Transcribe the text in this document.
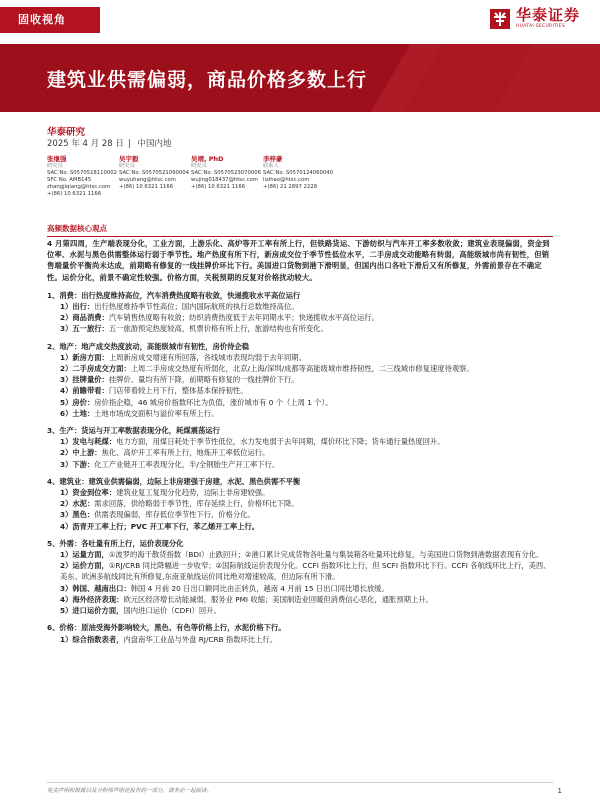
固收视角	华泰证券
HUATAI SECURITIES
建筑业供需偏弱，商品价格多数上行
华泰研究
2025 年 4 月 28 日 | 中国内地
张继强
研究员
SAC No. S0570518110002
SFC No. AMB145
zhangjiqiang@htsc.com
+(86) 10 6321 1166
吴宇毅
研究员
SAC No. S0570521090004
wuyuhang@htsc.com
+(86) 10 6321 1166
吴靖, PhD
研究员
SAC No. S0570523070006
wujing018437@htsc.com
+(86) 10 6321 1166
李梓豪
联系人
SAC No. S0570124060040
lizihao@htsc.com
+(86) 21 2897 2228
高频数据核心观点

4 月第四周，生产端表现分化，工业方面，上游乐化、高炉等开工率有所上行，但铁路货运、下游纺织与汽车开工率多数收敛；建筑业表现偏弱，资金到位率、水泥与黑色供需整体运行弱于季节性。地产热度有所下行，新房成交位于季节性低位水平，二手房成交动能略有转弱，高能级城市尚有韧性，但销售端量价平衡尚未达成，前期略有修复的一线挂牌价环比下行。美国进口货物到港下滑明显，但国内出口各吐下滑后又有所修复，外需前景存在不确定性。运价分化，前景不确定性较强。价格方面，关税预期的反复对价格扰动较大。

1、消费：出行热度维持高位，汽车消费热度略有收敛，快递揽收水平高位运行
1）出行：出行热度维持季节性高位；国内国际航班的执行总数维持高位。
2）商品消费：汽车销售热度略有收敛；纺织消费热度低于去年同期水平；快递揽收水平高位运行。
3）五一旅行：五一旅游预定热度较高，机票价格有所上行，旅游结构也有所变化。
2、地产：地产成交热度波动，高能级城市有韧性，房价待企稳
1）新房方面：上周新房成交增速有所回落，各线城市表现均弱于去年同期。
2）二手房成交方面：上周二手房成交热度有所弱化，北京/上海/深圳/成都等高能级城市维持韧性，二三线城市修复速度待观察。
3）挂牌量价：挂牌价、量均有所下降，前期略有修复的一线挂牌价下行。
4）前瞻带看：门店带看较上月下行，整体基本保持韧性。
5）房价：房价指企稳，46 城房价指数环比为负值，涨价城市有 0 个（上周 1 个）。
6）土地：土地市场成交面积与溢价率有所上行。
3、生产：货运与开工率数据表现分化，耗煤震荡运行
1）发电与耗煤：电力方面，用煤日耗处于季节性低位，水力发电弱于去年同期，煤价环比下降；货车通行量热度回升。
2）中上游：焦化、高炉开工率有所上行，地炼开工率低位运行。
3）下游：化工产业链开工率表现分化，半/全钢胎生产开工率下行。
4、建筑业：建筑业供需偏弱，边际上非房建强于房建，水泥、黑色供需不平衡
1）资金到位率：建筑业复工复现分化趋势，边际上非房建较强。
2）水泥：需求回落，供给略弱于季节性，库存延续上行，价格环比下降。
3）黑色：供需表现偏弱，库存低位季节性下行，价格分化。
4）沥青开工率上行；PVC 开工率下行，苯乙烯开工率上行。
5、外需：各吐量有所上行，运价表现分化
1）运量方面，①波罗的海干散货指数（BDI）止跌回升；②港口累计完成货物各吐量与集装箱各吐量环比修复，与美国进口货物到港数据表现有分化。
2）运价方面，①RJ/CRB 同比降幅进一步收窄；②国际航线运价表现分化。CCFI 指数环比上行，但 SCFI 指数环比下行。CCFI 各航线环比上行，美西、美东、欧洲多航线同比有所修复,东南亚航线运价同比绝对增速较高，但边际有所下滑。
3）韩国、越南出口：韩国 4 月前 20 日出口额同比由正转负，越南 4 月前 15 日出口同比增长放缓。
4）海外经济表现：欧元区经济增长动能减弱，服务业 PMI 收缩；美国制造业回暖但消费信心恶化，通胀预期上升。
5）进口运价方面，国内进口运价（CDFI）回升。
6、价格：原油受海外影响较大，黑色、有色等价格上行，水泥价格下行。
1）综合指数表者，内盘南华工业品与外盘 RJ/CRB 指数环比上行。
免责声明和披露以及分析师声明是报告的一部分，请务必一起阅读。	1
